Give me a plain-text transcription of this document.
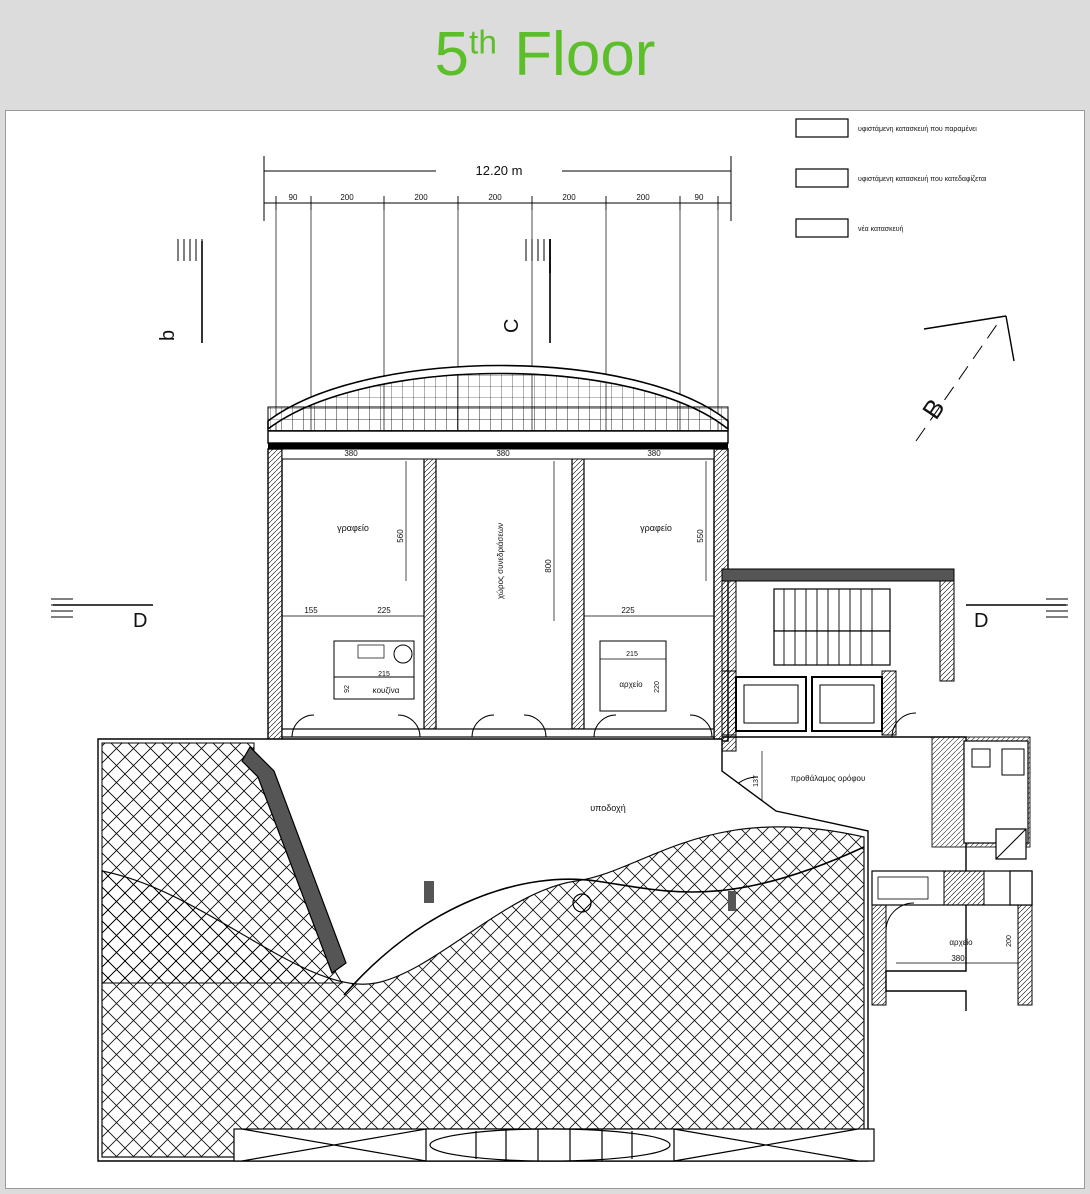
5th Floor
υφιστάμενη κατασκευή που παραμένει
υφιστάμενη κατασκευή που κατεδαφίζεται
νέα κατασκευή
12.20 m
90	200	200	200	200	200	90
b
C
B
D	D
380	380	380
γραφείο	χώρος συνεδριάσεων	γραφείο
560
800
550
155	225	225
215
92	κουζίνα
215
αρχείο 220
αρχείο
380
200
προθάλαμος ορόφου
137
υποδοχή
